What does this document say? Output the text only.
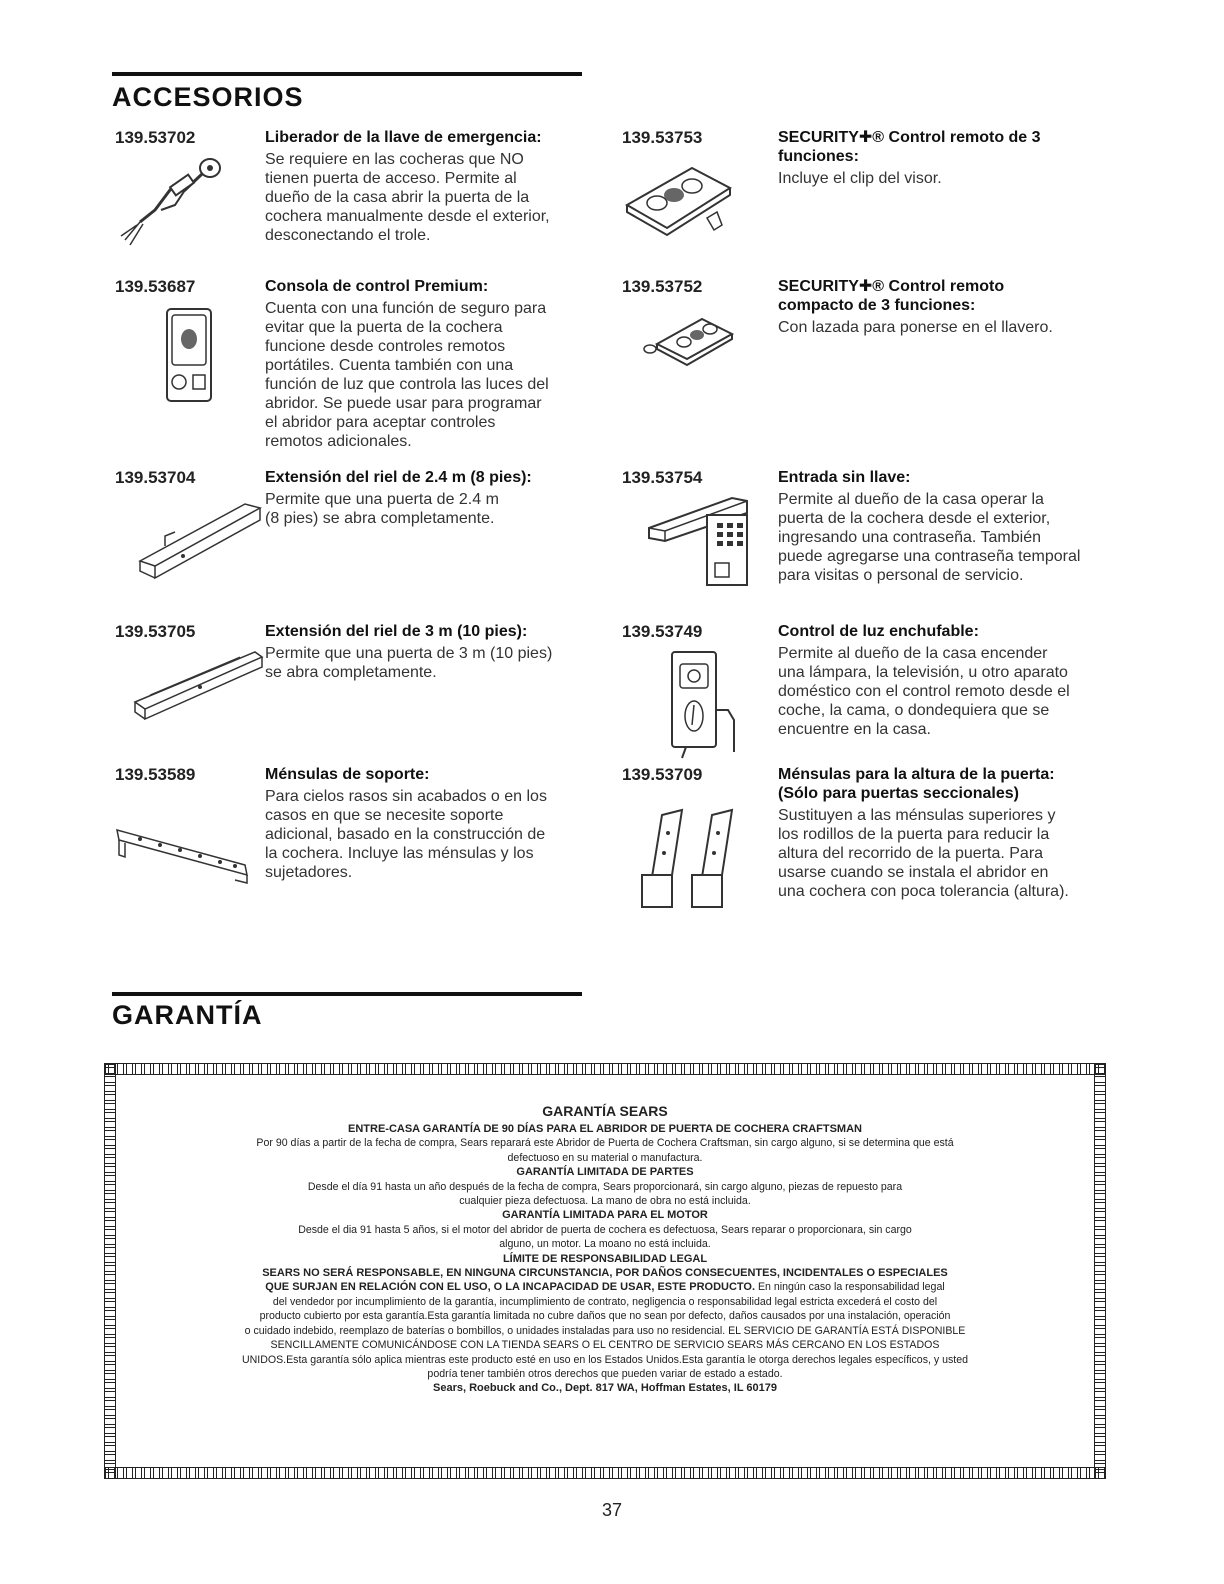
ACCESORIOS
139.53702	Liberador de la llave de emergencia:
Se requiere en las cocheras que NO
tienen puerta de acceso. Permite al
dueño de la casa abrir la puerta de la
cochera manualmente desde el exterior,
desconectando el trole.
139.53687	Consola de control Premium:
Cuenta con una función de seguro para
evitar que la puerta de la cochera
funcione desde controles remotos
portátiles. Cuenta también con una
función de luz que controla las luces del
abridor. Se puede usar para programar
el abridor para aceptar controles
remotos adicionales.
139.53704	Extensión del riel de 2.4 m (8 pies):
Permite que una puerta de 2.4 m
(8 pies) se abra completamente.
139.53705	Extensión del riel de 3 m (10 pies):
Permite que una puerta de 3 m (10 pies)
se abra completamente.
139.53589	Ménsulas de soporte:
Para cielos rasos sin acabados o en los
casos en que se necesite soporte
adicional, basado en la construcción de
la cochera. Incluye las ménsulas y los
sujetadores.
139.53753	SECURITY✚® Control remoto de 3
funciones:
Incluye el clip del visor.
139.53752	SECURITY✚® Control remoto
compacto de 3 funciones:
Con lazada para ponerse en el llavero.
139.53754	Entrada sin llave:
Permite al dueño de la casa operar la
puerta de la cochera desde el exterior,
ingresando una contraseña. También
puede agregarse una contraseña temporal
para visitas o personal de servicio.
139.53749	Control de luz enchufable:
Permite al dueño de la casa encender
una lámpara, la televisión, u otro aparato
doméstico con el control remoto desde el
coche, la cama, o dondequiera que se
encuentre en la casa.
139.53709	Ménsulas para la altura de la puerta:
(Sólo para puertas seccionales)
Sustituyen a las ménsulas superiores y
los rodillos de la puerta para reducir la
altura del recorrido de la puerta. Para
usarse cuando se instala el abridor en
una cochera con poca tolerancia (altura).
GARANTÍA
GARANTÍA SEARS
ENTRE-CASA GARANTÍA DE 90 DÍAS PARA EL ABRIDOR DE PUERTA DE COCHERA CRAFTSMAN

Por 90 días a partir de la fecha de compra, Sears reparará este Abridor de Puerta de Cochera Craftsman, sin cargo alguno, si se determina que está
defectuoso en su material o manufactura.

GARANTÍA LIMITADA DE PARTES

Desde el día 91 hasta un año después de la fecha de compra, Sears proporcionará, sin cargo alguno, piezas de repuesto para
cualquier pieza defectuosa. La mano de obra no está incluida.

GARANTÍA LIMITADA PARA EL MOTOR

Desde el dia 91 hasta 5 años, si el motor del abridor de puerta de cochera es defectuosa, Sears reparar o proporcionara, sin cargo
alguno, un motor. La moano no está incluida.

LÍMITE DE RESPONSABILIDAD LEGAL

SEARS NO SERÁ RESPONSABLE, EN NINGUNA CIRCUNSTANCIA, POR DAÑOS CONSECUENTES, INCIDENTALES O ESPECIALES
QUE SURJAN EN RELACIÓN CON EL USO, O LA INCAPACIDAD DE USAR, ESTE PRODUCTO. En ningún caso la responsabilidad legal
del vendedor por incumplimiento de la garantía, incumplimiento de contrato, negligencia o responsabilidad legal estricta excederá el costo del
producto cubierto por esta garantía.Esta garantía limitada no cubre daños que no sean por defecto, daños causados por una instalación, operación
o cuidado indebido, reemplazo de baterías o bombillos, o unidades instaladas para uso no residencial. EL SERVICIO DE GARANTÍA ESTÁ DISPONIBLE
SENCILLAMENTE COMUNICÁNDOSE CON LA TIENDA SEARS O EL CENTRO DE SERVICIO SEARS MÁS CERCANO EN LOS ESTADOS
UNIDOS.Esta garantía sólo aplica mientras este producto esté en uso en los Estados Unidos.Esta garantía le otorga derechos legales específicos, y usted
podría tener también otros derechos que pueden variar de estado a estado.

Sears, Roebuck and Co., Dept. 817 WA, Hoffman Estates, IL 60179
37
